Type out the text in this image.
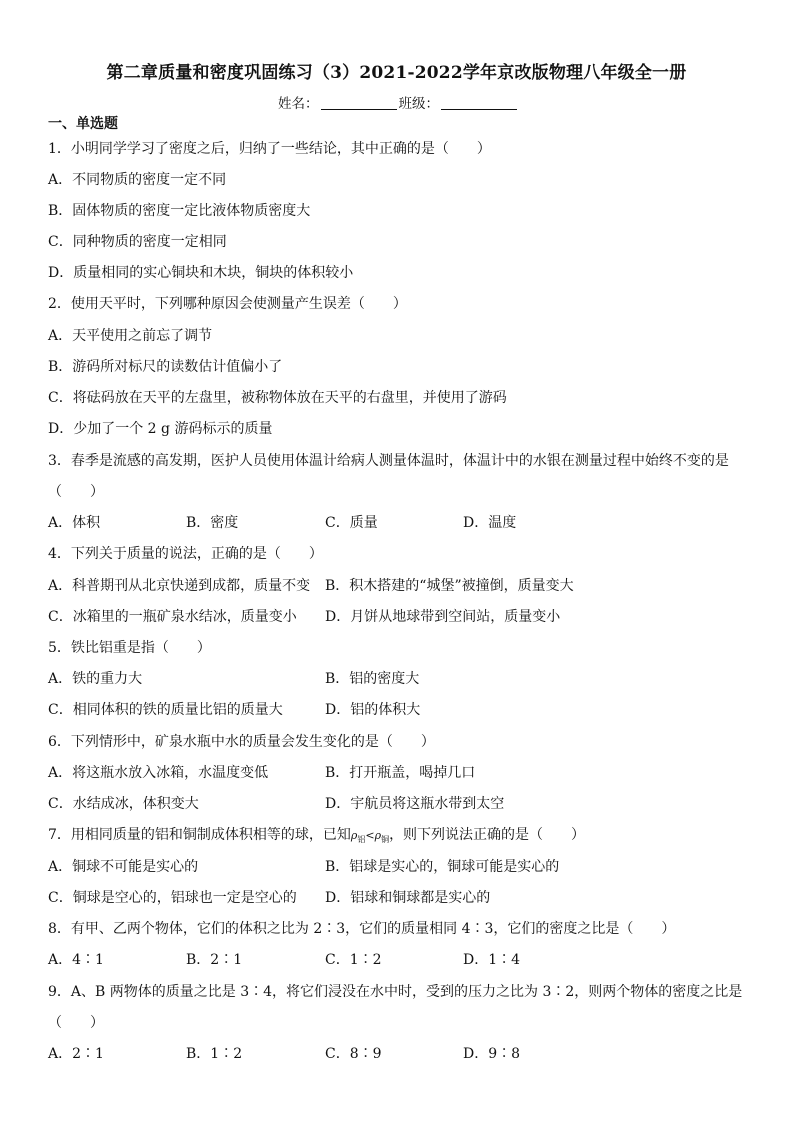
第二章质量和密度巩固练习（3）2021-2022学年京改版物理八年级全一册
姓名：	班级：
一、单选题
1．小明同学学习了密度之后，归纳了一些结论，其中正确的是（　　）
A．不同物质的密度一定不同
B．固体物质的密度一定比液体物质密度大
C．同种物质的密度一定相同
D．质量相同的实心铜块和木块，铜块的体积较小
2．使用天平时，下列哪种原因会使测量产生误差（　　）
A．天平使用之前忘了调节
B．游码所对标尺的读数估计值偏小了
C．将砝码放在天平的左盘里，被称物体放在天平的右盘里，并使用了游码
D．少加了一个 2 g 游码标示的质量
3．春季是流感的高发期，医护人员使用体温计给病人测量体温时，体温计中的水银在测量过程中始终不变的是
（　　）
A．体积	B．密度	C．质量	D．温度
4．下列关于质量的说法，正确的是（　　）
A．科普期刊从北京快递到成都，质量不变 B．积木搭建的“城堡”被撞倒，质量变大
C．冰箱里的一瓶矿泉水结冰，质量变小 D．月饼从地球带到空间站，质量变小
5．铁比铝重是指（　　）
A．铁的重力大	B．铝的密度大
C．相同体积的铁的质量比铝的质量大	D．铝的体积大
6．下列情形中，矿泉水瓶中水的质量会发生变化的是（　　）
A．将这瓶水放入冰箱，水温度变低	B．打开瓶盖，喝掉几口
C．水结成冰，体积变大	D．宇航员将这瓶水带到太空
7．用相同质量的铝和铜制成体积相等的球，已知$\rho_铝<\rho_铜$，则下列说法正确的是（　　）
A．铜球不可能是实心的	B．铝球是实心的，铜球可能是实心的
C．铜球是空心的，铝球也一定是空心的 D．铝球和铜球都是实心的
8．有甲、乙两个物体，它们的体积之比为 2∶3，它们的质量相同 4∶3，它们的密度之比是（　　）
A．4∶1	B．2∶1	C．1∶2	D．1∶4
9．A、B 两物体的质量之比是 3∶4，将它们浸没在水中时，受到的压力之比为 3∶2，则两个物体的密度之比是
（　　）
A．2∶1	B．1∶2	C．8∶9	D．9∶8
